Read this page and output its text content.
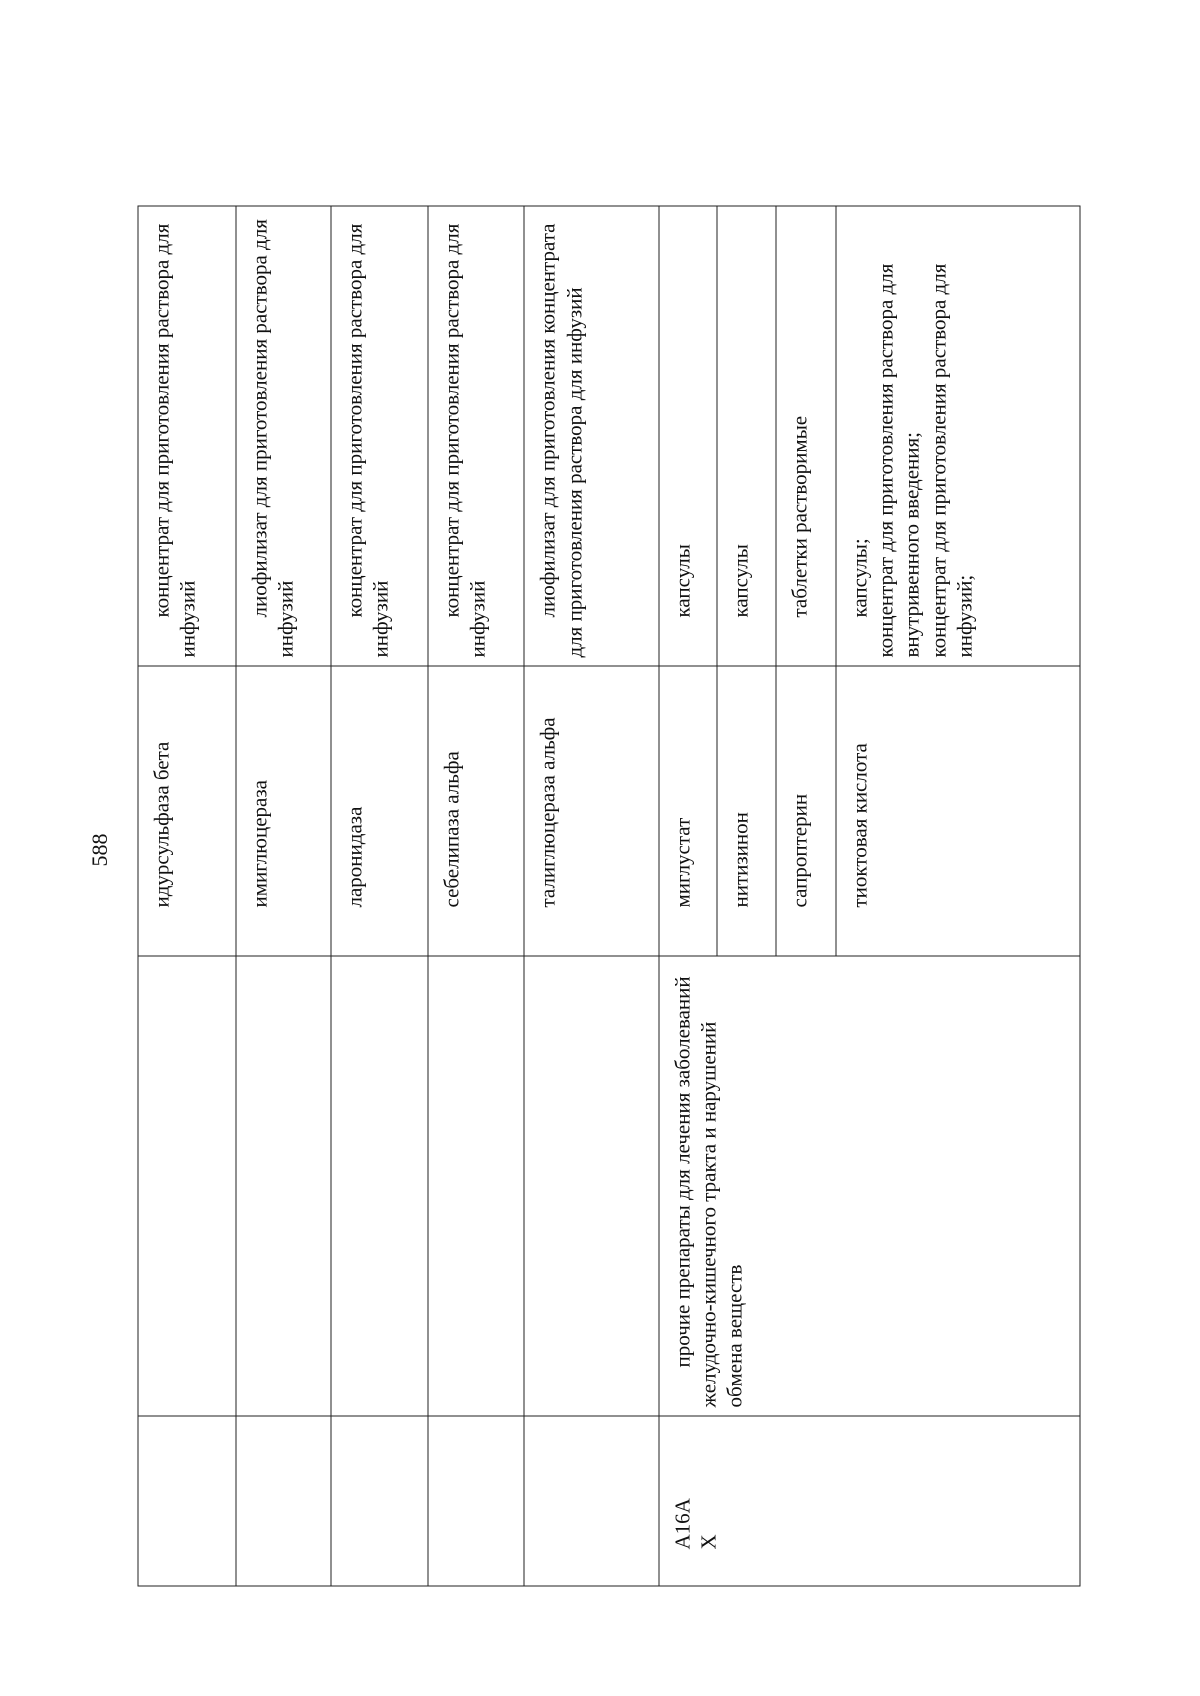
588

		идурсульфаза бета	концентрат для приготовления раствора для инфузий

		имиглюцераза	лиофилизат для приготовления раствора для инфузий

		ларонидаза	концентрат для приготовления раствора для инфузий

		себелипаза альфа	концентрат для приготовления раствора для инфузий

		талиглюцераза альфа	лиофилизат для приготовления концентрата для приготовления раствора для инфузий

A16A
X	прочие препараты для лечения заболеваний желудочно-кишечного тракта и нарушений обмена веществ	миглустат	капсулы

		нитизинон	капсулы

		сапроптерин	таблетки растворимые

		тиоктовая кислота	капсулы;
концентрат для приготовления раствора для внутривенного введения;
концентрат для приготовления раствора для инфузий;
